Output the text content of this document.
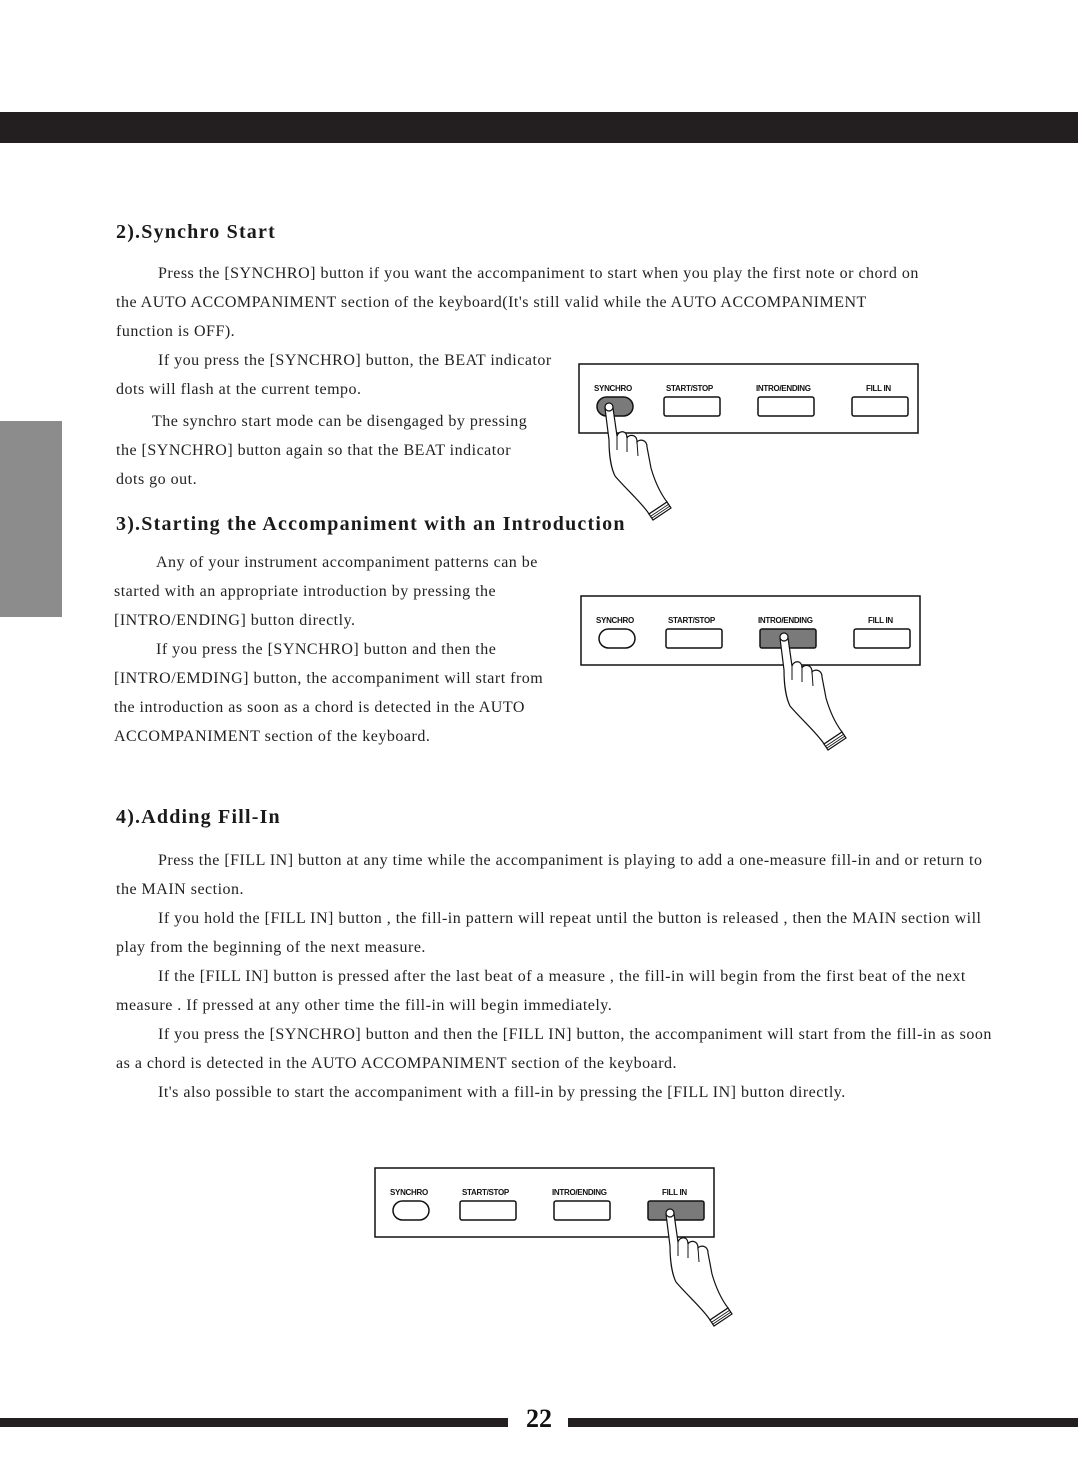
2).Synchro Start

Press the [SYNCHRO] button if you want the accompaniment to start when you play the first note or chord on the AUTO ACCOMPANIMENT section of the keyboard(It's still valid while the AUTO ACCOMPANIMENT function is OFF).

If you press the [SYNCHRO] button, the BEAT indicator dots will flash at the current tempo.

The synchro start mode can be disengaged by pressing the [SYNCHRO] button again so that the BEAT indicator dots go out.

SYNCHRO	START/STOP	INTRO/ENDING	FILL IN
3).Starting the Accompaniment with an Introduction

Any of your instrument accompaniment patterns can be started with an appropriate introduction by pressing the [INTRO/ENDING] button directly.

If you press the [SYNCHRO] button and then the [INTRO/EMDING] button, the accompaniment will start from the introduction as soon as a chord is detected in the AUTO ACCOMPANIMENT section of the keyboard.

SYNCHRO	START/STOP	INTRO/ENDING	FILL IN
4).Adding Fill-In

Press the [FILL IN] button at any time while the accompaniment is playing to add a one-measure fill-in and or return to the MAIN section.

If you hold the [FILL IN] button , the fill-in pattern will repeat until the button is released , then the MAIN section will play from the beginning of the next measure.

If the [FILL IN] button is pressed after the last beat of a measure , the fill-in will begin from the first beat of the next measure . If pressed at any other time the fill-in will begin immediately.

If you press the [SYNCHRO] button and then the [FILL IN] button, the accompaniment will start from the fill-in as soon as a chord is detected in the AUTO ACCOMPANIMENT section of the keyboard.

It's also possible to start the accompaniment with a fill-in by pressing the [FILL IN] button directly.

SYNCHRO	START/STOP	INTRO/ENDING	FILL IN
22
